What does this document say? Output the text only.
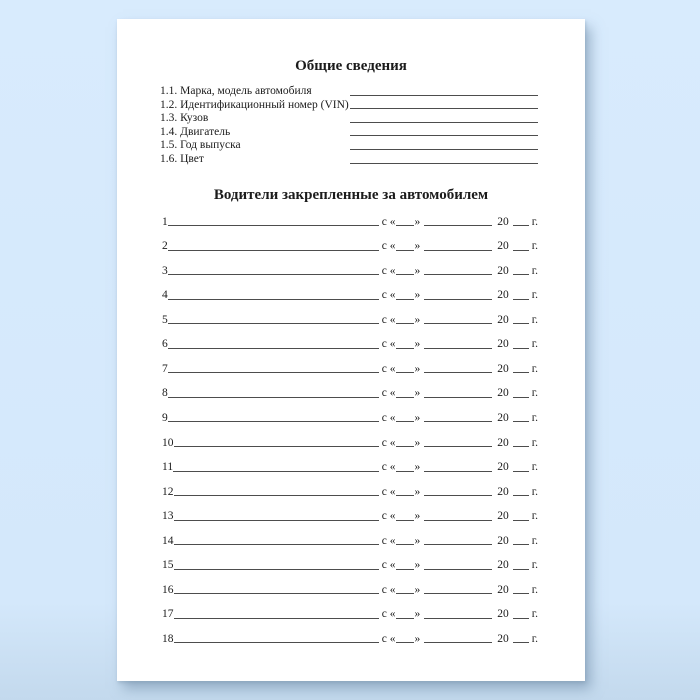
Общие сведения
1.1. Марка, модель автомобиля
1.2. Идентификационный номер (VIN)
1.3. Кузов
1.4. Двигатель
1.5. Год выпуска
1.6. Цвет
Водители закрепленные за автомобилем
1	с « »	20 г.
2	с « »	20 г.
3	с « »	20 г.
4	с « »	20 г.
5	с « »	20 г.
6	с « »	20 г.
7	с « »	20 г.
8	с « »	20 г.
9	с « »	20 г.
10	с « »	20 г.
11	с « »	20 г.
12	с « »	20 г.
13	с « »	20 г.
14	с « »	20 г.
15	с « »	20 г.
16	с « »	20 г.
17	с « »	20 г.
18	с « »	20 г.
